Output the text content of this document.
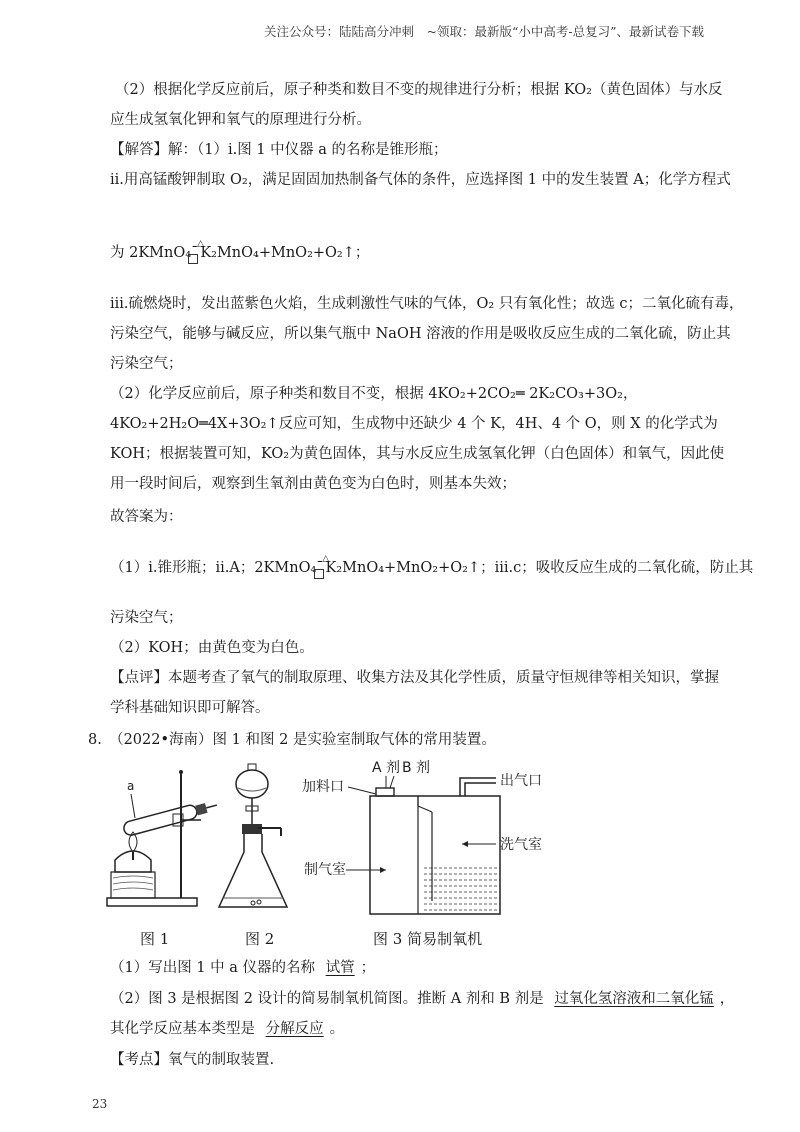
关注公众号：陆陆高分冲刺　~领取：最新版“小中高考-总复习”、最新试卷下载
（2）根据化学反应前后，原子种类和数目不变的规律进行分析；根据 KO₂（黄色固体）与水反
应生成氢氧化钾和氧气的原理进行分析。
【解答】解：（1）i.图 1 中仪器 a 的名称是锥形瓶；
ii.用高锰酸钾制取 O₂，满足固固加热制备气体的条件，应选择图 1 中的发生装置 A；化学方程式
为 2KMnO₄△¯ K₂MnO₄+MnO₂+O₂↑；
iii.硫燃烧时，发出蓝紫色火焰，生成刺激性气味的气体，O₂ 只有氧化性；故选 c；二氧化硫有毒，
污染空气，能够与碱反应，所以集气瓶中 NaOH 溶液的作用是吸收反应生成的二氧化硫，防止其
污染空气；
（2）化学反应前后，原子种类和数目不变，根据 4KO₂+2CO₂═ 2K₂CO₃+3O₂，
4KO₂+2H₂O═4X+3O₂↑反应可知，生成物中还缺少 4 个 K，4H、4 个 O，则 X 的化学式为
KOH；根据装置可知，KO₂为黄色固体，其与水反应生成氢氧化钾（白色固体）和氧气，因此使
用一段时间后，观察到生氧剂由黄色变为白色时，则基本失效；
故答案为：
（1）i.锥形瓶；ii.A；2KMnO₄△¯ K₂MnO₄+MnO₂+O₂↑；iii.c；吸收反应生成的二氧化硫，防止其
污染空气；
（2）KOH；由黄色变为白色。
【点评】本题考查了氧气的制取原理、收集方法及其化学性质，质量守恒规律等相关知识，掌握
学科基础知识即可解答。
8.　（2022•海南）图 1 和图 2 是实验室制取气体的常用装置。
a
图 1	图 2
A 剂 B 剂
加料口	出气口
洗气室
制气室
图 3 简易制氧机
（1）写出图 1 中 a 仪器的名称 试管 ；
（2）图 3 是根据图 2 设计的简易制氧机简图。推断 A 剂和 B 剂是 过氧化氢溶液和二氧化锰 ，
其化学反应基本类型是 分解反应 。
【考点】氧气的制取装置.
23
